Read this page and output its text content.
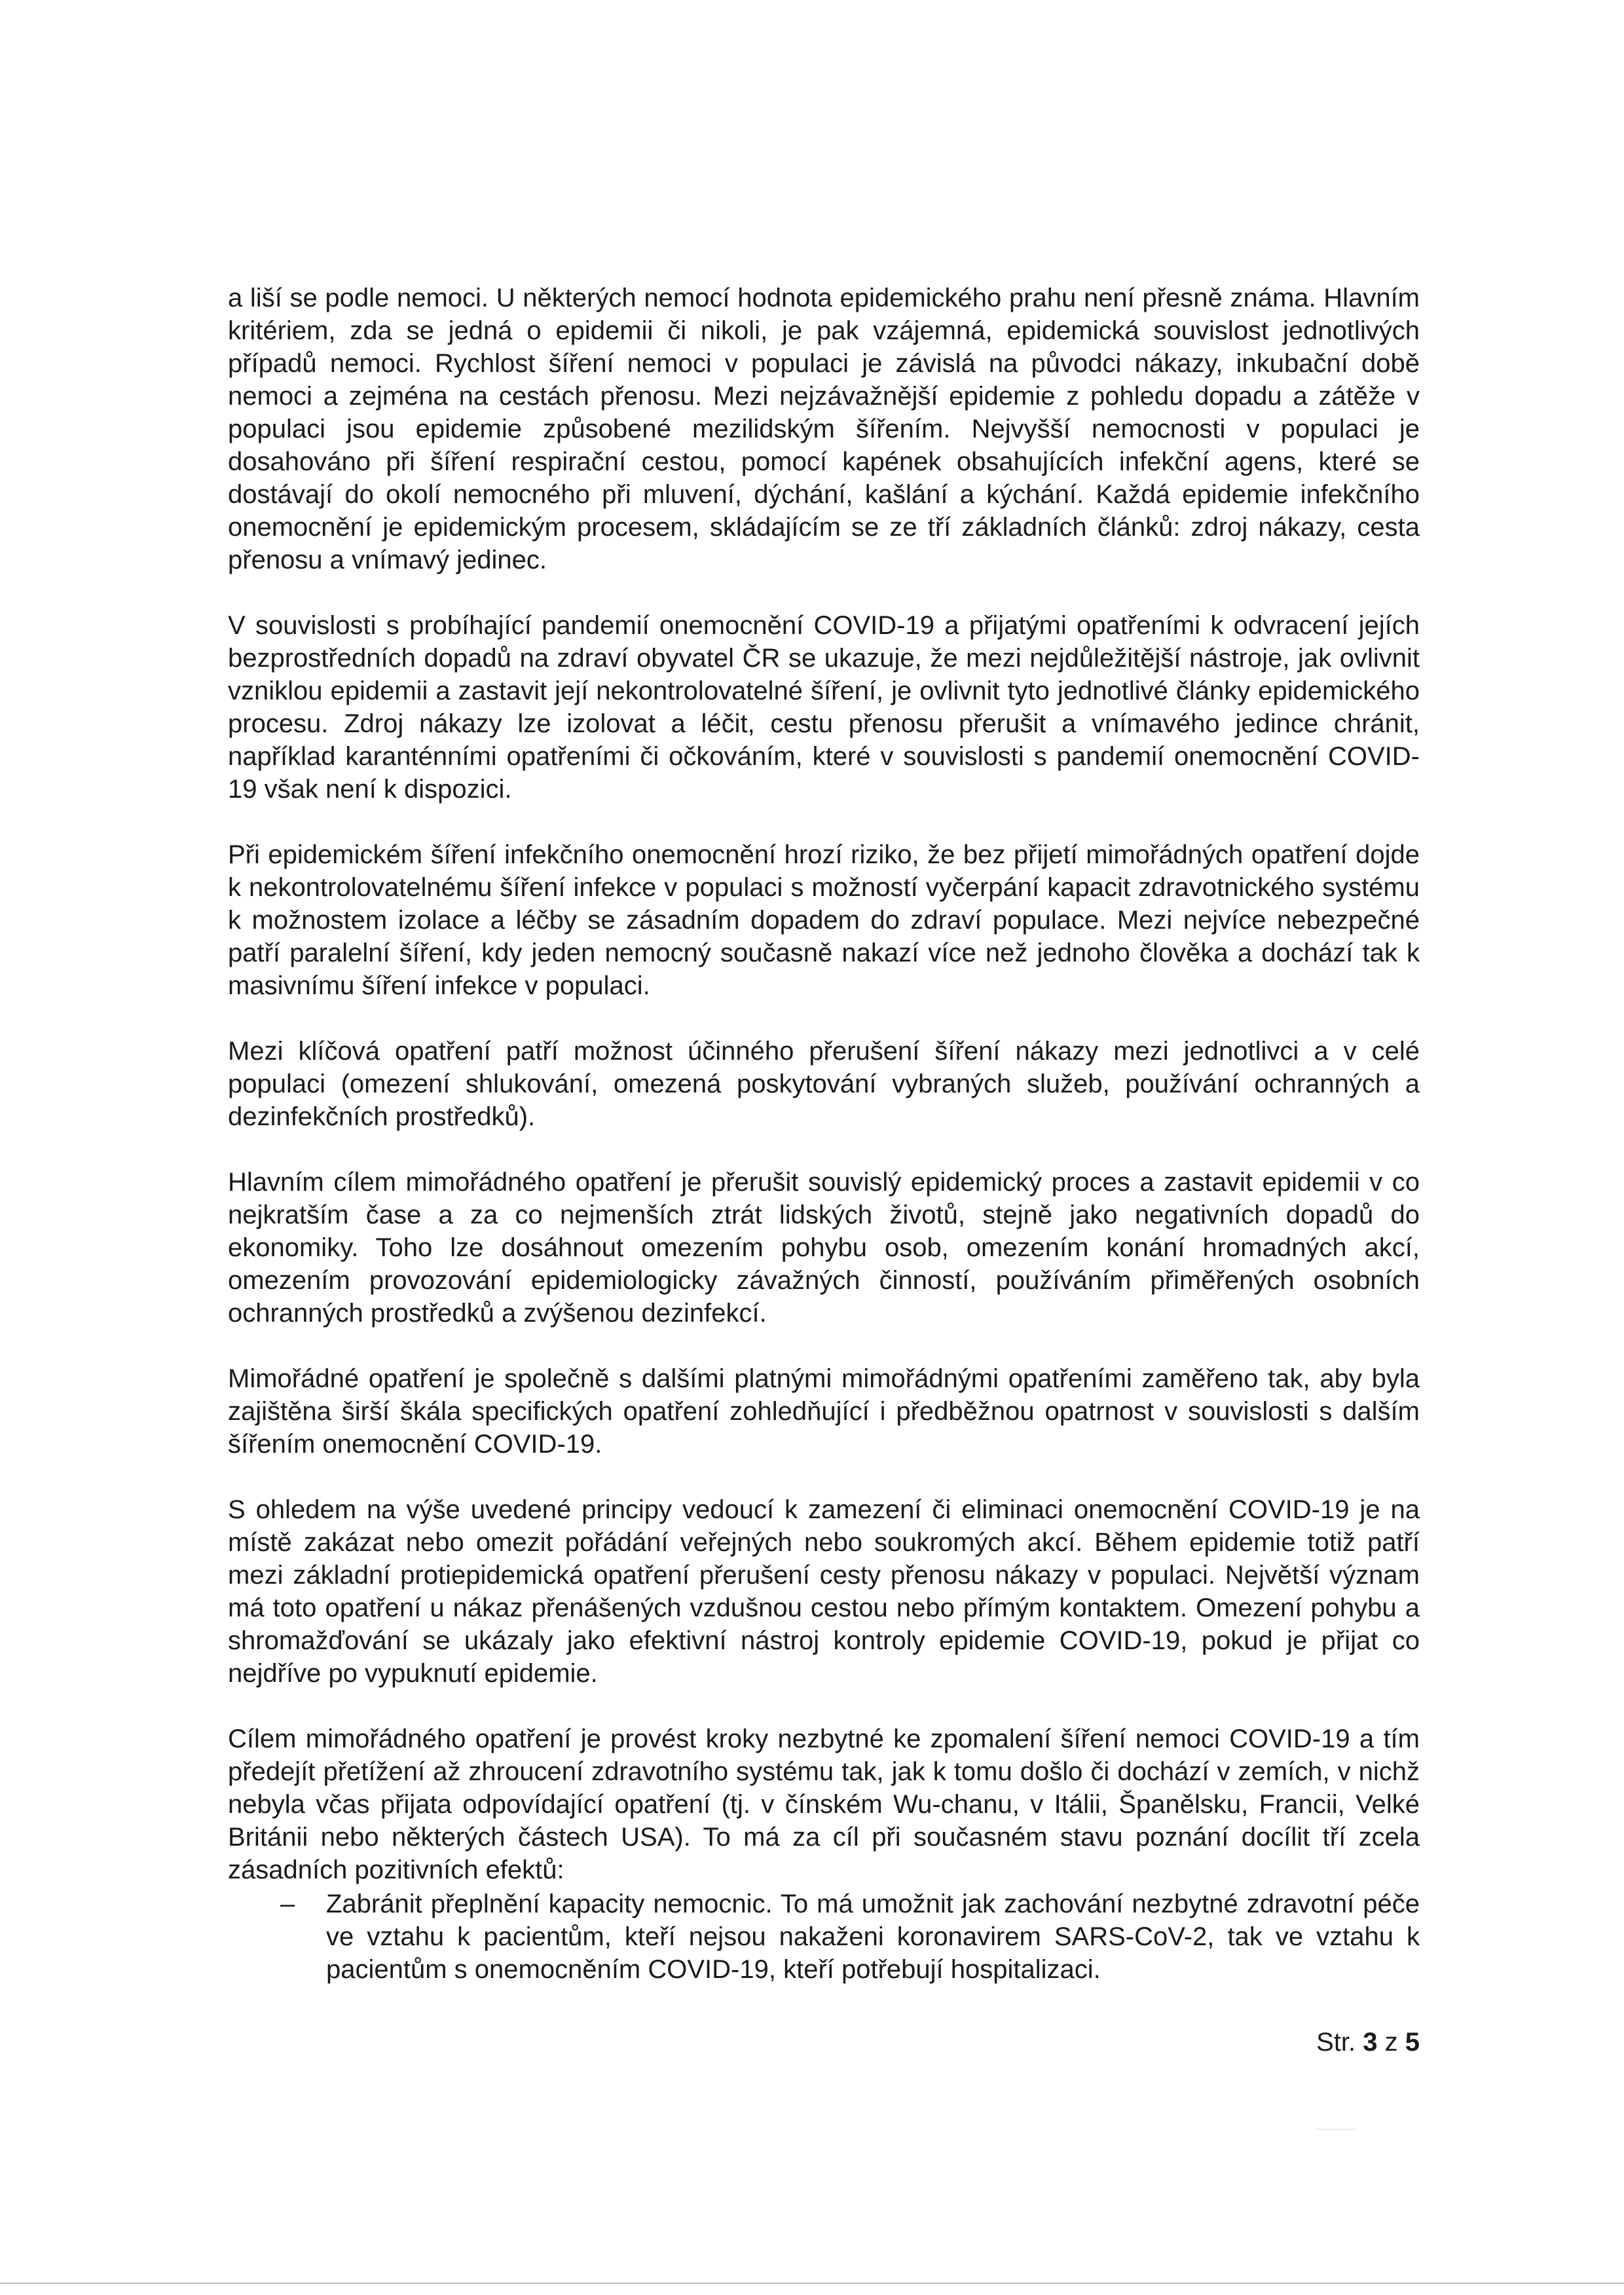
a liší se podle nemoci. U některých nemocí hodnota epidemického prahu není přesně známa. Hlavním kritériem, zda se jedná o epidemii či nikoli, je pak vzájemná, epidemická souvislost jednotlivých případů nemoci. Rychlost šíření nemoci v populaci je závislá na původci nákazy, inkubační době nemoci a zejména na cestách přenosu. Mezi nejzávažnější epidemie z pohledu dopadu a zátěže v populaci jsou epidemie způsobené mezilidským šířením. Nejvyšší nemocnosti v populaci je dosahováno při šíření respirační cestou, pomocí kapének obsahujících infekční agens, které se dostávají do okolí nemocného při mluvení, dýchání, kašlání a kýchání. Každá epidemie infekčního onemocnění je epidemickým procesem, skládajícím se ze tří základních článků: zdroj nákazy, cesta přenosu a vnímavý jedinec.

V souvislosti s probíhající pandemií onemocnění COVID-19 a přijatými opatřeními k odvracení jejích bezprostředních dopadů na zdraví obyvatel ČR se ukazuje, že mezi nejdůležitější nástroje, jak ovlivnit vzniklou epidemii a zastavit její nekontrolovatelné šíření, je ovlivnit tyto jednotlivé články epidemického procesu. Zdroj nákazy lze izolovat a léčit, cestu přenosu přerušit a vnímavého jedince chránit, například karanténními opatřeními či očkováním, které v souvislosti s pandemií onemocnění COVID-19 však není k dispozici.

Při epidemickém šíření infekčního onemocnění hrozí riziko, že bez přijetí mimořádných opatření dojde k nekontrolovatelnému šíření infekce v populaci s možností vyčerpání kapacit zdravotnického systému k možnostem izolace a léčby se zásadním dopadem do zdraví populace. Mezi nejvíce nebezpečné patří paralelní šíření, kdy jeden nemocný současně nakazí více než jednoho člověka a dochází tak k masivnímu šíření infekce v populaci.

Mezi klíčová opatření patří možnost účinného přerušení šíření nákazy mezi jednotlivci a v celé populaci (omezení shlukování, omezená poskytování vybraných služeb, používání ochranných a dezinfekčních prostředků).

Hlavním cílem mimořádného opatření je přerušit souvislý epidemický proces a zastavit epidemii v co nejkratším čase a za co nejmenších ztrát lidských životů, stejně jako negativních dopadů do ekonomiky. Toho lze dosáhnout omezením pohybu osob, omezením konání hromadných akcí, omezením provozování epidemiologicky závažných činností, používáním přiměřených osobních ochranných prostředků a zvýšenou dezinfekcí.

Mimořádné opatření je společně s dalšími platnými mimořádnými opatřeními zaměřeno tak, aby byla zajištěna širší škála specifických opatření zohledňující i předběžnou opatrnost v souvislosti s dalším šířením onemocnění COVID-19.

S ohledem na výše uvedené principy vedoucí k zamezení či eliminaci onemocnění COVID-19 je na místě zakázat nebo omezit pořádání veřejných nebo soukromých akcí. Během epidemie totiž patří mezi základní protiepidemická opatření přerušení cesty přenosu nákazy v populaci. Největší význam má toto opatření u nákaz přenášených vzdušnou cestou nebo přímým kontaktem. Omezení pohybu a shromažďování se ukázaly jako efektivní nástroj kontroly epidemie COVID-19, pokud je přijat co nejdříve po vypuknutí epidemie.

Cílem mimořádného opatření je provést kroky nezbytné ke zpomalení šíření nemoci COVID-19 a tím předejít přetížení až zhroucení zdravotního systému tak, jak k tomu došlo či dochází v zemích, v nichž nebyla včas přijata odpovídající opatření (tj. v čínském Wu-chanu, v Itálii, Španělsku, Francii, Velké Británii nebo některých částech USA). To má za cíl při současném stavu poznání docílit tří zcela zásadních pozitivních efektů:

– Zabránit přeplnění kapacity nemocnic. To má umožnit jak zachování nezbytné zdravotní péče ve vztahu k pacientům, kteří nejsou nakaženi koronavirem SARS-CoV-2, tak ve vztahu k pacientům s onemocněním COVID-19, kteří potřebují hospitalizaci.
Str. 3 z 5
